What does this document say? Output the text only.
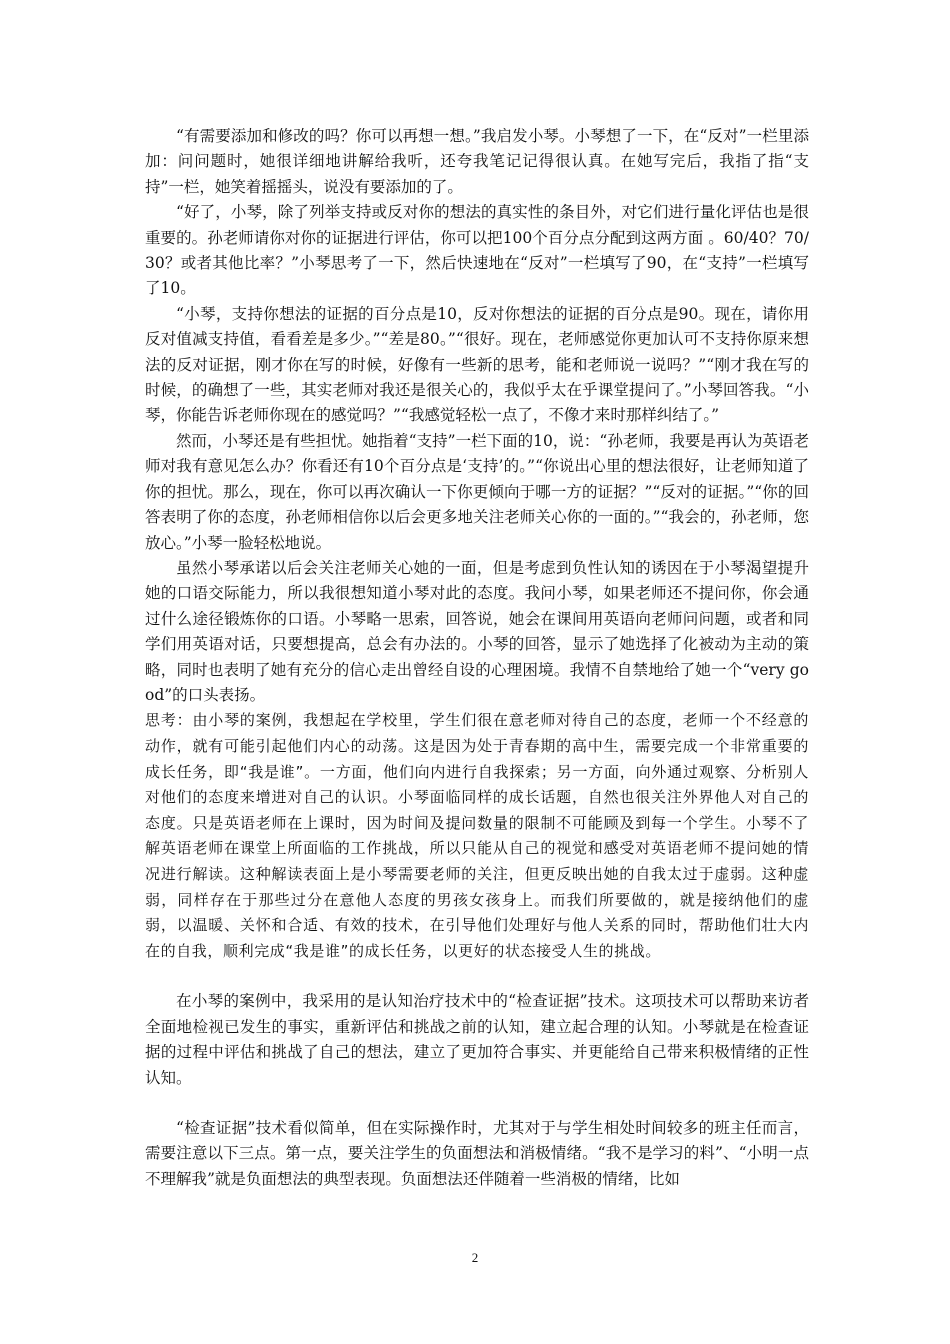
“有需要添加和修改的吗？你可以再想一想。”我启发小琴。小琴想了一下，在“反对”一栏里添加：问问题时，她很详细地讲解给我听，还夸我笔记记得很认真。在她写完后，我指了指“支持”一栏，她笑着摇摇头，说没有要添加的了。

“好了，小琴，除了列举支持或反对你的想法的真实性的条目外，对它们进行量化评估也是很重要的。孙老师请你对你的证据进行评估，你可以把100个百分点分配到这两方面 。60/40？70/30？或者其他比率？”小琴思考了一下，然后快速地在“反对”一栏填写了90，在“支持”一栏填写了10。

“小琴，支持你想法的证据的百分点是10，反对你想法的证据的百分点是90。现在，请你用反对值减支持值，看看差是多少。”“差是80。”“很好。现在，老师感觉你更加认可不支持你原来想法的反对证据，刚才你在写的时候，好像有一些新的思考，能和老师说一说吗？”“刚才我在写的时候，的确想了一些，其实老师对我还是很关心的，我似乎太在乎课堂提问了。”小琴回答我。“小琴，你能告诉老师你现在的感觉吗？”“我感觉轻松一点了，不像才来时那样纠结了。”

然而，小琴还是有些担忧。她指着“支持”一栏下面的10，说：“孙老师，我要是再认为英语老师对我有意见怎么办？你看还有10个百分点是‘支持’的。”“你说出心里的想法很好，让老师知道了你的担忧。那么，现在，你可以再次确认一下你更倾向于哪一方的证据？”“反对的证据。”“你的回答表明了你的态度，孙老师相信你以后会更多地关注老师关心你的一面的。”“我会的，孙老师，您放心。”小琴一脸轻松地说。

虽然小琴承诺以后会关注老师关心她的一面，但是考虑到负性认知的诱因在于小琴渴望提升她的口语交际能力，所以我很想知道小琴对此的态度。我问小琴，如果老师还不提问你，你会通过什么途径锻炼你的口语。小琴略一思索，回答说，她会在课间用英语向老师问问题，或者和同学们用英语对话，只要想提高，总会有办法的。小琴的回答，显示了她选择了化被动为主动的策略，同时也表明了她有充分的信心走出曾经自设的心理困境。我情不自禁地给了她一个“very good”的口头表扬。

思考：由小琴的案例，我想起在学校里，学生们很在意老师对待自己的态度，老师一个不经意的动作，就有可能引起他们内心的动荡。这是因为处于青春期的高中生，需要完成一个非常重要的成长任务，即“我是谁”。一方面，他们向内进行自我探索；另一方面，向外通过观察、分析别人对他们的态度来增进对自己的认识。小琴面临同样的成长话题，自然也很关注外界他人对自己的态度。只是英语老师在上课时，因为时间及提问数量的限制不可能顾及到每一个学生。小琴不了解英语老师在课堂上所面临的工作挑战，所以只能从自己的视觉和感受对英语老师不提问她的情况进行解读。这种解读表面上是小琴需要老师的关注，但更反映出她的自我太过于虚弱。这种虚弱，同样存在于那些过分在意他人态度的男孩女孩身上。而我们所要做的，就是接纳他们的虚弱，以温暖、关怀和合适、有效的技术，在引导他们处理好与他人关系的同时，帮助他们壮大内在的自我，顺利完成“我是谁”的成长任务，以更好的状态接受人生的挑战。

在小琴的案例中，我采用的是认知治疗技术中的“检查证据”技术。这项技术可以帮助来访者全面地检视已发生的事实，重新评估和挑战之前的认知，建立起合理的认知。小琴就是在检查证据的过程中评估和挑战了自己的想法，建立了更加符合事实、并更能给自己带来积极情绪的正性认知。

“检查证据”技术看似简单，但在实际操作时，尤其对于与学生相处时间较多的班主任而言，需要注意以下三点。第一点，要关注学生的负面想法和消极情绪。“我不是学习的料”、“小明一点不理解我”就是负面想法的典型表现。负面想法还伴随着一些消极的情绪，比如

2
